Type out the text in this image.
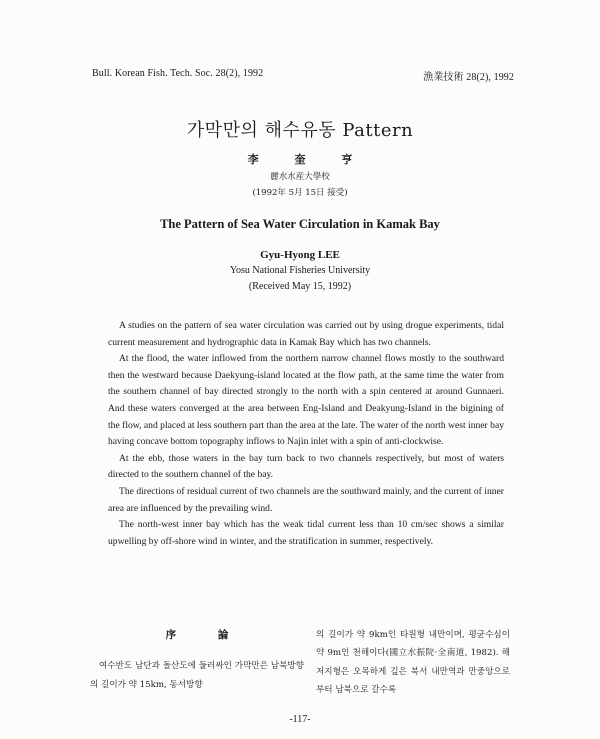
Bull. Korean Fish. Tech. Soc. 28(2), 1992	漁業技術 28(2), 1992
가막만의 해수유동 Pattern
李 奎 亨
麗水水産大學校
(1992年 5月 15日 接受)
The Pattern of Sea Water Circulation in Kamak Bay
Gyu-Hyong LEE
Yosu National Fisheries University
(Received May 15, 1992)

A studies on the pattern of sea water circulation was carried out by using drogue experiments, tidal current measurement and hydrographic data in Kamak Bay which has two channels.

At the flood, the water inflowed from the northern narrow channel flows mostly to the southward then the westward because Daekyung-island located at the flow path, at the same time the water from the southern channel of bay directed strongly to the north with a spin centered at around Gunnaeri. And these waters converged at the area between Eng-Island and Deakyung-Island in the bigining of the flow, and placed at less southern part than the area at the late. The water of the north west inner bay having concave bottom topography inflows to Najin inlet with a spin of anti-clockwise.

At the ebb, those waters in the bay turn back to two channels respectively, but most of waters directed to the southern channel of the bay.

The directions of residual current of two channels are the southward mainly, and the current of inner area are influenced by the prevailing wind.

The north-west inner bay which has the weak tidal current less than 10 cm/sec shows a similar upwelling by off-shore wind in winter, and the stratification in summer, respectively.

序 論

여수반도 남단과 돌산도에 둘러싸인 가막만은 남북방향의 길이가 약 15km, 동서방향

의 길이가 약 9km인 타원형 내만이며, 평균수심이 약 9m인 천해이다(國立水振院·全南道, 1982). 해저지형은 오목하게 깊은 북서 내만역과 만중앙으로 부터 남북으로 갈수록

-117-
